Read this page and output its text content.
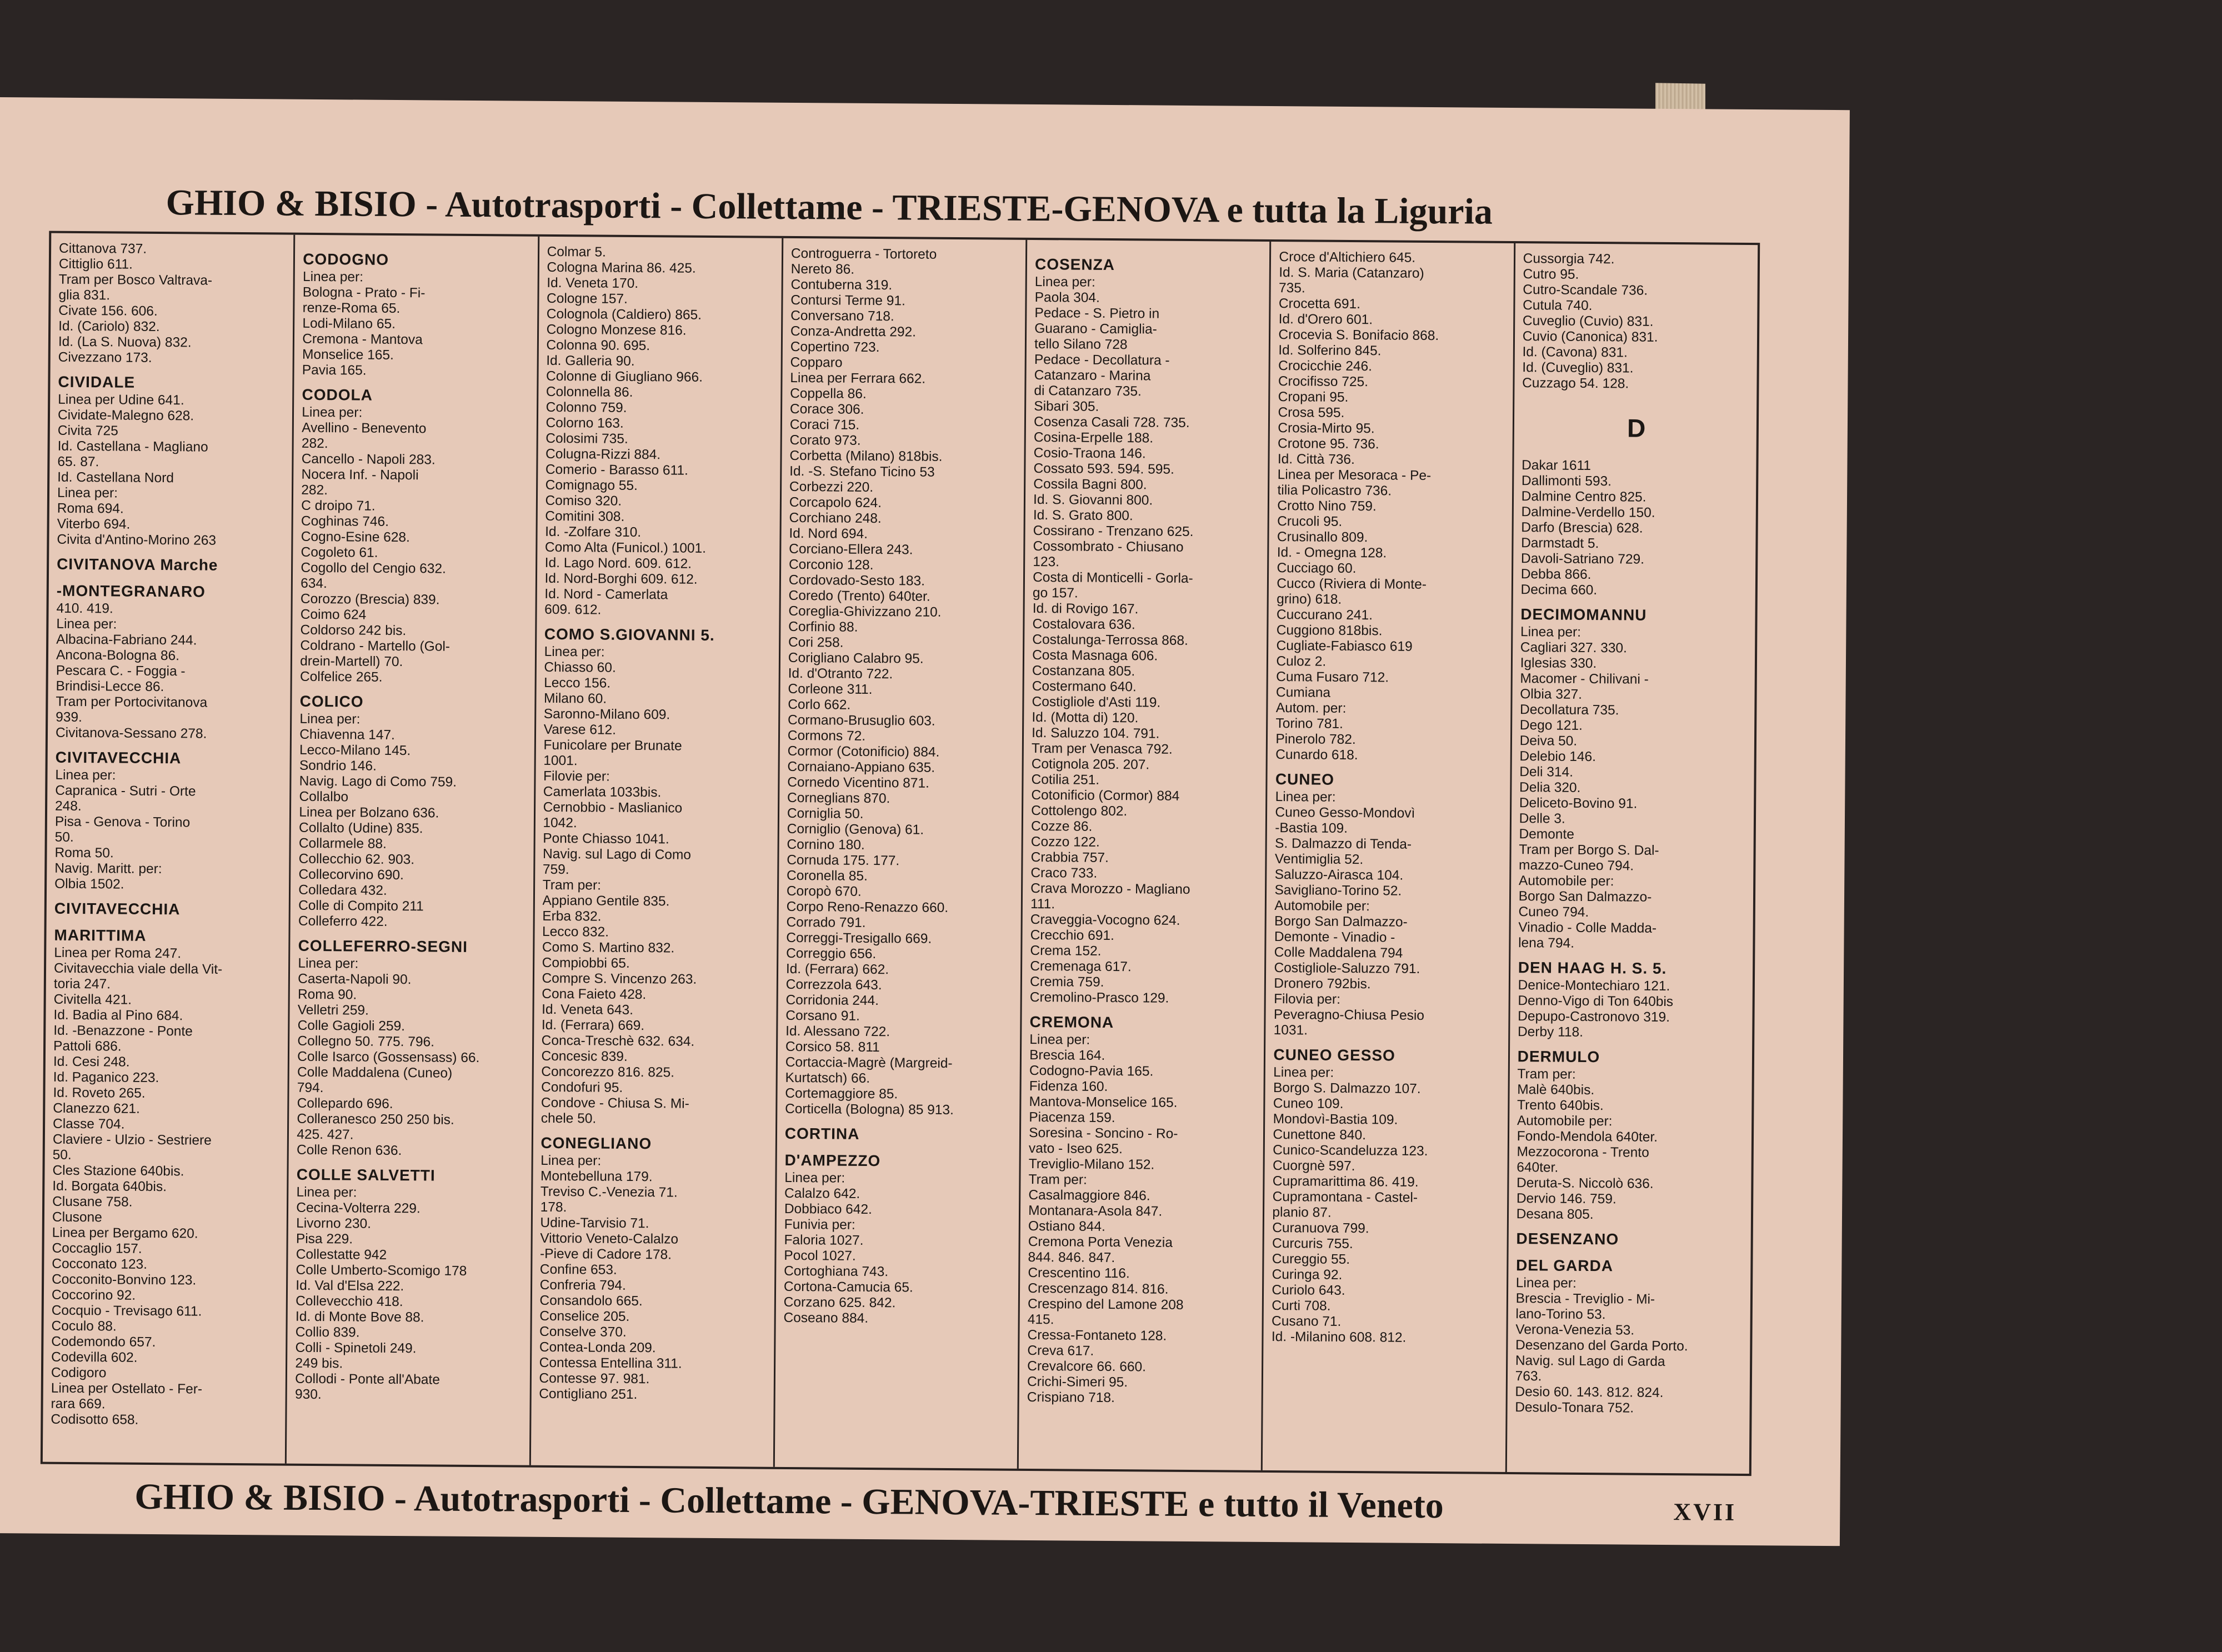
GHIO & BISIO - Autotrasporti - Collettame - TRIESTE-GENOVA e tutta la Liguria

Cittanova 737.

Cittiglio 611.

Tram per Bosco Valtrava-

glia 831.

Civate 156. 606.

Id. (Cariolo) 832.

Id. (La S. Nuova) 832.

Civezzano 173.

CIVIDALE

Linea per Udine 641.

Cividate-Malegno 628.

Civita 725

Id. Castellana - Magliano

65. 87.

Id. Castellana Nord

Linea per:

Roma 694.

Viterbo 694.

Civita d'Antino-Morino 263

CIVITANOVA Marche

-MONTEGRANARO

410. 419.

Linea per:

Albacina-Fabriano 244.

Ancona-Bologna 86.

Pescara C. - Foggia -

Brindisi-Lecce 86.

Tram per Portocivitanova

939.

Civitanova-Sessano 278.

CIVITAVECCHIA

Linea per:

Capranica - Sutri - Orte

248.

Pisa - Genova - Torino

50.

Roma 50.

Navig. Maritt. per:

Olbia 1502.

CIVITAVECCHIA

MARITTIMA

Linea per Roma 247.

Civitavecchia viale della Vit-

toria 247.

Civitella 421.

Id. Badia al Pino 684.

Id. -Benazzone - Ponte

Pattoli 686.

Id. Cesi 248.

Id. Paganico 223.

Id. Roveto 265.

Clanezzo 621.

Classe 704.

Claviere - Ulzio - Sestriere

50.

Cles Stazione 640bis.

Id. Borgata 640bis.

Clusane 758.

Clusone

Linea per Bergamo 620.

Coccaglio 157.

Cocconato 123.

Cocconito-Bonvino 123.

Coccorino 92.

Cocquio - Trevisago 611.

Coculo 88.

Codemondo 657.

Codevilla 602.

Codigoro

Linea per Ostellato - Fer-

rara 669.

Codisotto 658.

CODOGNO

Linea per:

Bologna - Prato - Fi-

renze-Roma 65.

Lodi-Milano 65.

Cremona - Mantova

Monselice 165.

Pavia 165.

CODOLA

Linea per:

Avellino - Benevento

282.

Cancello - Napoli 283.

Nocera Inf. - Napoli

282.

C droipo 71.

Coghinas 746.

Cogno-Esine 628.

Cogoleto 61.

Cogollo del Cengio 632.

634.

Corozzo (Brescia) 839.

Coimo 624

Coldorso 242 bis.

Coldrano - Martello (Gol-

drein-Martell) 70.

Colfelice 265.

COLICO

Linea per:

Chiavenna 147.

Lecco-Milano 145.

Sondrio 146.

Navig. Lago di Como 759.

Collalbo

Linea per Bolzano 636.

Collalto (Udine) 835.

Collarmele 88.

Collecchio 62. 903.

Collecorvino 690.

Colledara 432.

Colle di Compito 211

Colleferro 422.

COLLEFERRO-SEGNI

Linea per:

Caserta-Napoli 90.

Roma 90.

Velletri 259.

Colle Gagioli 259.

Collegno 50. 775. 796.

Colle Isarco (Gossensass) 66.

Colle Maddalena (Cuneo)

794.

Collepardo 696.

Colleranesco 250 250 bis.

425. 427.

Colle Renon 636.

COLLE SALVETTI

Linea per:

Cecina-Volterra 229.

Livorno 230.

Pisa 229.

Collestatte 942

Colle Umberto-Scomigo 178

Id. Val d'Elsa 222.

Collevecchio 418.

Id. di Monte Bove 88.

Collio 839.

Colli - Spinetoli 249.

249 bis.

Collodi - Ponte all'Abate

930.

Colmar 5.

Cologna Marina 86. 425.

Id. Veneta 170.

Cologne 157.

Colognola (Caldiero) 865.

Cologno Monzese 816.

Colonna 90. 695.

Id. Galleria 90.

Colonne di Giugliano 966.

Colonnella 86.

Colonno 759.

Colorno 163.

Colosimi 735.

Colugna-Rizzi 884.

Comerio - Barasso 611.

Comignago 55.

Comiso 320.

Comitini 308.

Id. -Zolfare 310.

Como Alta (Funicol.) 1001.

Id. Lago Nord. 609. 612.

Id. Nord-Borghi 609. 612.

Id. Nord - Camerlata

609. 612.

COMO S.GIOVANNI 5.

Linea per:

Chiasso 60.

Lecco 156.

Milano 60.

Saronno-Milano 609.

Varese 612.

Funicolare per Brunate

1001.

Filovie per:

Camerlata 1033bis.

Cernobbio - Maslianico

1042.

Ponte Chiasso 1041.

Navig. sul Lago di Como

759.

Tram per:

Appiano Gentile 835.

Erba 832.

Lecco 832.

Como S. Martino 832.

Compiobbi 65.

Compre S. Vincenzo 263.

Cona Faieto 428.

Id. Veneta 643.

Id. (Ferrara) 669.

Conca-Treschè 632. 634.

Concesic 839.

Concorezzo 816. 825.

Condofuri 95.

Condove - Chiusa S. Mi-

chele 50.

CONEGLIANO

Linea per:

Montebelluna 179.

Treviso C.-Venezia 71.

178.

Udine-Tarvisio 71.

Vittorio Veneto-Calalzo

-Pieve di Cadore 178.

Confine 653.

Confreria 794.

Consandolo 665.

Conselice 205.

Conselve 370.

Contea-Londa 209.

Contessa Entellina 311.

Contesse 97. 981.

Contigliano 251.

Controguerra - Tortoreto

Nereto 86.

Contuberna 319.

Contursi Terme 91.

Conversano 718.

Conza-Andretta 292.

Copertino 723.

Copparo

Linea per Ferrara 662.

Coppella 86.

Corace 306.

Coraci 715.

Corato 973.

Corbetta (Milano) 818bis.

Id. -S. Stefano Ticino 53

Corbezzi 220.

Corcapolo 624.

Corchiano 248.

Id. Nord 694.

Corciano-Ellera 243.

Corconio 128.

Cordovado-Sesto 183.

Coredo (Trento) 640ter.

Coreglia-Ghivizzano 210.

Corfinio 88.

Cori 258.

Corigliano Calabro 95.

Id. d'Otranto 722.

Corleone 311.

Corlo 662.

Cormano-Brusuglio 603.

Cormons 72.

Cormor (Cotonificio) 884.

Cornaiano-Appiano 635.

Cornedo Vicentino 871.

Corneglians 870.

Corniglia 50.

Corniglio (Genova) 61.

Cornino 180.

Cornuda 175. 177.

Coronella 85.

Coropò 670.

Corpo Reno-Renazzo 660.

Corrado 791.

Correggi-Tresigallo 669.

Correggio 656.

Id. (Ferrara) 662.

Correzzola 643.

Corridonia 244.

Corsano 91.

Id. Alessano 722.

Corsico 58. 811

Cortaccia-Magrè (Margreid-

Kurtatsch) 66.

Cortemaggiore 85.

Corticella (Bologna) 85 913.

CORTINA

D'AMPEZZO

Linea per:

Calalzo 642.

Dobbiaco 642.

Funivia per:

Faloria 1027.

Pocol 1027.

Cortoghiana 743.

Cortona-Camucia 65.

Corzano 625. 842.

Coseano 884.

COSENZA

Linea per:

Paola 304.

Pedace - S. Pietro in

Guarano - Camiglia-

tello Silano 728

Pedace - Decollatura -

Catanzaro - Marina

di Catanzaro 735.

Sibari 305.

Cosenza Casali 728. 735.

Cosina-Erpelle 188.

Cosio-Traona 146.

Cossato 593. 594. 595.

Cossila Bagni 800.

Id. S. Giovanni 800.

Id. S. Grato 800.

Cossirano - Trenzano 625.

Cossombrato - Chiusano

123.

Costa di Monticelli - Gorla-

go 157.

Id. di Rovigo 167.

Costalovara 636.

Costalunga-Terrossa 868.

Costa Masnaga 606.

Costanzana 805.

Costermano 640.

Costigliole d'Asti 119.

Id. (Motta di) 120.

Id. Saluzzo 104. 791.

Tram per Venasca 792.

Cotignola 205. 207.

Cotilia 251.

Cotonificio (Cormor) 884

Cottolengo 802.

Cozze 86.

Cozzo 122.

Crabbia 757.

Craco 733.

Crava Morozzo - Magliano

111.

Craveggia-Vocogno 624.

Crecchio 691.

Crema 152.

Cremenaga 617.

Cremia 759.

Cremolino-Prasco 129.

CREMONA

Linea per:

Brescia 164.

Codogno-Pavia 165.

Fidenza 160.

Mantova-Monselice 165.

Piacenza 159.

Soresina - Soncino - Ro-

vato - Iseo 625.

Treviglio-Milano 152.

Tram per:

Casalmaggiore 846.

Montanara-Asola 847.

Ostiano 844.

Cremona Porta Venezia

844. 846. 847.

Crescentino 116.

Crescenzago 814. 816.

Crespino del Lamone 208

415.

Cressa-Fontaneto 128.

Creva 617.

Crevalcore 66. 660.

Crichi-Simeri 95.

Crispiano 718.

Croce d'Altichiero 645.

Id. S. Maria (Catanzaro)

735.

Crocetta 691.

Id. d'Orero 601.

Crocevia S. Bonifacio 868.

Id. Solferino 845.

Crocicchie 246.

Crocifisso 725.

Cropani 95.

Crosa 595.

Crosia-Mirto 95.

Crotone 95. 736.

Id. Città 736.

Linea per Mesoraca - Pe-

tilia Policastro 736.

Crotto Nino 759.

Crucoli 95.

Crusinallo 809.

Id. - Omegna 128.

Cucciago 60.

Cucco (Riviera di Monte-

grino) 618.

Cuccurano 241.

Cuggiono 818bis.

Cugliate-Fabiasco 619

Culoz 2.

Cuma Fusaro 712.

Cumiana

Autom. per:

Torino 781.

Pinerolo 782.

Cunardo 618.

CUNEO

Linea per:

Cuneo Gesso-Mondovì

-Bastia 109.

S. Dalmazzo di Tenda-

Ventimiglia 52.

Saluzzo-Airasca 104.

Savigliano-Torino 52.

Automobile per:

Borgo San Dalmazzo-

Demonte - Vinadio -

Colle Maddalena 794

Costigliole-Saluzzo 791.

Dronero 792bis.

Filovia per:

Peveragno-Chiusa Pesio

1031.

CUNEO GESSO

Linea per:

Borgo S. Dalmazzo 107.

Cuneo 109.

Mondovì-Bastia 109.

Cunettone 840.

Cunico-Scandeluzza 123.

Cuorgnè 597.

Cupramarittima 86. 419.

Cupramontana - Castel-

planio 87.

Curanuova 799.

Curcuris 755.

Cureggio 55.

Curinga 92.

Curiolo 643.

Curti 708.

Cusano 71.

Id. -Milanino 608. 812.

Cussorgia 742.

Cutro 95.

Cutro-Scandale 736.

Cutula 740.

Cuveglio (Cuvio) 831.

Cuvio (Canonica) 831.

Id. (Cavona) 831.

Id. (Cuveglio) 831.

Cuzzago 54. 128.

D

Dakar 1611

Dallimonti 593.

Dalmine Centro 825.

Dalmine-Verdello 150.

Darfo (Brescia) 628.

Darmstadt 5.

Davoli-Satriano 729.

Debba 866.

Decima 660.

DECIMOMANNU

Linea per:

Cagliari 327. 330.

Iglesias 330.

Macomer - Chilivani -

Olbia 327.

Decollatura 735.

Dego 121.

Deiva 50.

Delebio 146.

Deli 314.

Delia 320.

Deliceto-Bovino 91.

Delle 3.

Demonte

Tram per Borgo S. Dal-

mazzo-Cuneo 794.

Automobile per:

Borgo San Dalmazzo-

Cuneo 794.

Vinadio - Colle Madda-

lena 794.

DEN HAAG H. S. 5.

Denice-Montechiaro 121.

Denno-Vigo di Ton 640bis

Depupo-Castronovo 319.

Derby 118.

DERMULO

Tram per:

Malè 640bis.

Trento 640bis.

Automobile per:

Fondo-Mendola 640ter.

Mezzocorona - Trento

640ter.

Deruta-S. Niccolò 636.

Dervio 146. 759.

Desana 805.

DESENZANO

DEL GARDA

Linea per:

Brescia - Treviglio - Mi-

lano-Torino 53.

Verona-Venezia 53.

Desenzano del Garda Porto.

Navig. sul Lago di Garda

763.

Desio 60. 143. 812. 824.

Desulo-Tonara 752.

GHIO & BISIO - Autotrasporti - Collettame - GENOVA-TRIESTE e tutto il Veneto	XVII
